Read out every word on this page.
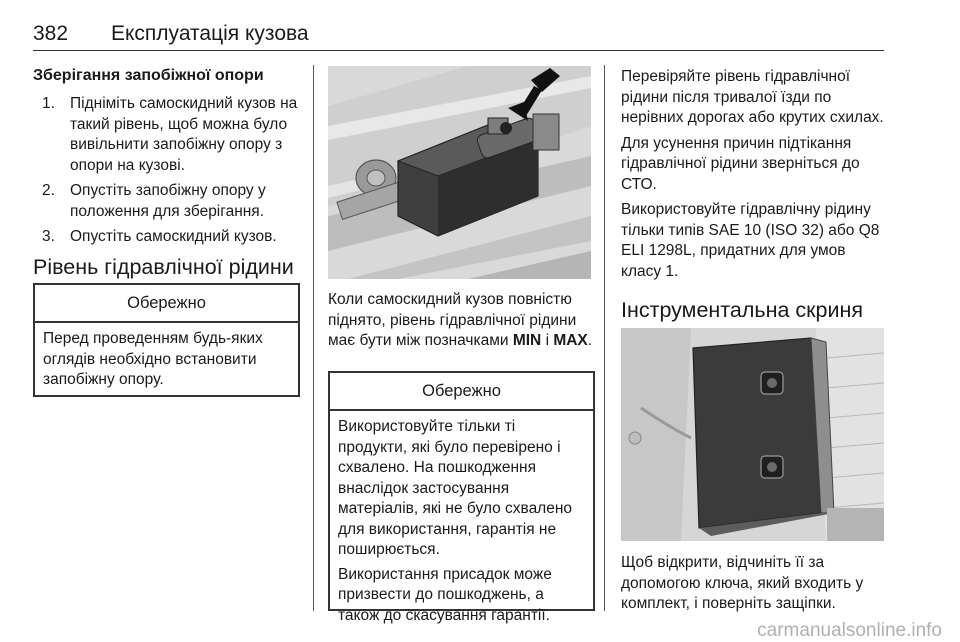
382 Експлуатація кузова
Зберігання запобіжної опори
1. Підніміть самоскидний кузов на такий рівень, щоб можна було вивільнити запобіжну опору з опори на кузові.
2. Опустіть запобіжну опору у положення для зберігання.
3. Опустіть самоскидний кузов.
Рівень гідравлічної рідини
Обережно

Перед проведенням будь-яких оглядів необхідно встановити запобіжну опору.

Коли самоскидний кузов повністю піднято, рівень гідравлічної рідини має бути між позначками MIN і MAX.
Обережно

Використовуйте тільки ті продукти, які було перевірено і схвалено. На пошкодження внаслідок застосування матеріалів, які не було схвалено для використання, гарантія не поширюється.

Використання присадок може призвести до пошкоджень, а також до скасування гарантії.

Перевіряйте рівень гідравлічної рідини після тривалої їзди по нерівних дорогах або крутих схилах.

Для усунення причин підтікання гідравлічної рідини зверніться до СТО.

Використовуйте гідравлічну рідину тільки типів SAE 10 (ISO 32) або Q8 ELI 1298L, придатних для умов класу 1.

Інструментальна скриня
Щоб відкрити, відчиніть її за допомогою ключа, який входить у комплект, і поверніть защіпки.
carmanualsonline.info
